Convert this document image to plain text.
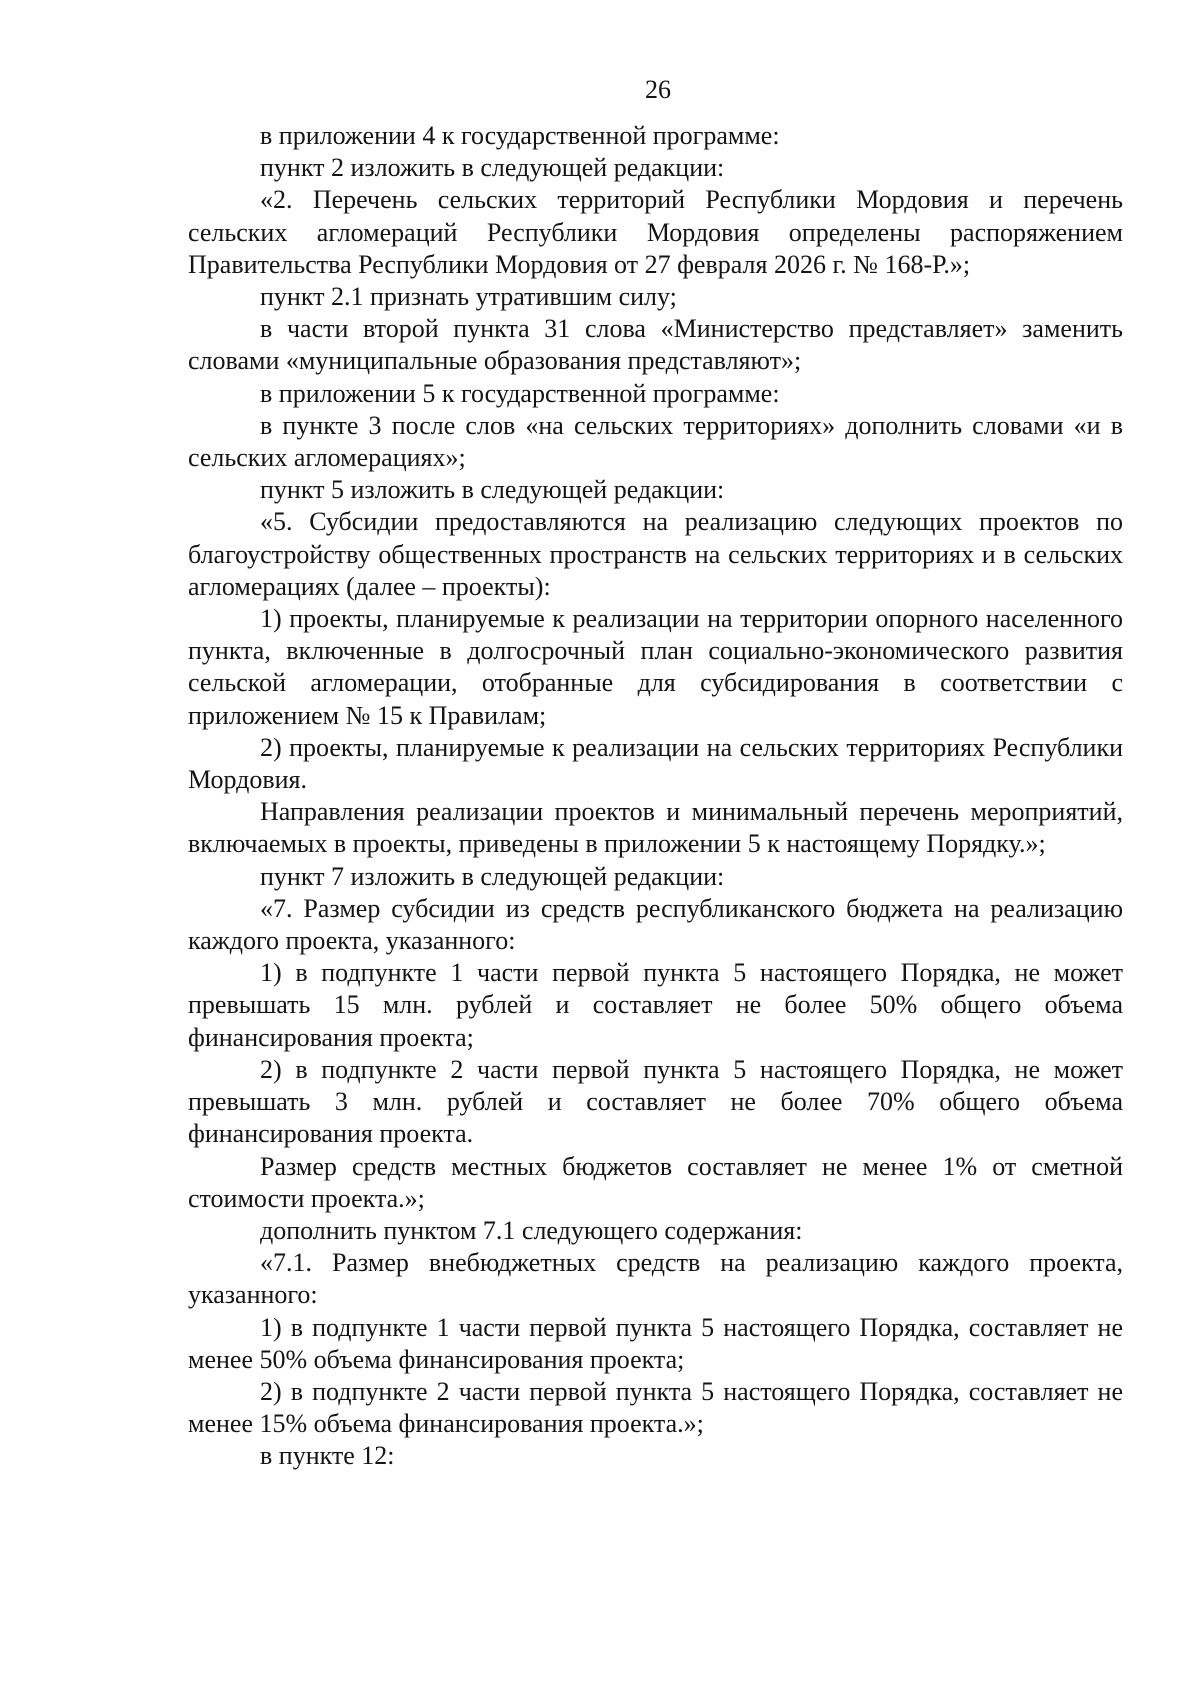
26

в приложении 4 к государственной программе:

пункт 2 изложить в следующей редакции:

«2. Перечень сельских территорий Республики Мордовия и перечень сельских агломераций Республики Мордовия определены распоряжением Правительства Республики Мордовия от 27 февраля 2026 г. № 168-Р.»;

пункт 2.1 признать утратившим силу;

в части второй пункта 31 слова «Министерство представляет» заменить словами «муниципальные образования представляют»;

в приложении 5 к государственной программе:

в пункте 3 после слов «на сельских территориях» дополнить словами «и в сельских агломерациях»;

пункт 5 изложить в следующей редакции:

«5. Субсидии предоставляются на реализацию следующих проектов по благоустройству общественных пространств на сельских территориях и в сельских агломерациях (далее – проекты):

1) проекты, планируемые к реализации на территории опорного населенного пункта, включенные в долгосрочный план социально-экономического развития сельской агломерации, отобранные для субсидирования в соответствии с приложением № 15 к Правилам;

2) проекты, планируемые к реализации на сельских территориях Республики Мордовия.

Направления реализации проектов и минимальный перечень мероприятий, включаемых в проекты, приведены в приложении 5 к настоящему Порядку.»;

пункт 7 изложить в следующей редакции:

«7. Размер субсидии из средств республиканского бюджета на реализацию каждого проекта, указанного:

1) в подпункте 1 части первой пункта 5 настоящего Порядка, не может превышать 15 млн. рублей и составляет не более 50% общего объема финансирования проекта;

2) в подпункте 2 части первой пункта 5 настоящего Порядка, не может превышать 3 млн. рублей и составляет не более 70% общего объема финансирования проекта.

Размер средств местных бюджетов составляет не менее 1% от сметной стоимости проекта.»;

дополнить пунктом 7.1 следующего содержания:

«7.1. Размер внебюджетных средств на реализацию каждого проекта, указанного:

1) в подпункте 1 части первой пункта 5 настоящего Порядка, составляет не менее 50% объема финансирования проекта;

2) в подпункте 2 части первой пункта 5 настоящего Порядка, составляет не менее 15% объема финансирования проекта.»;

в пункте 12:
